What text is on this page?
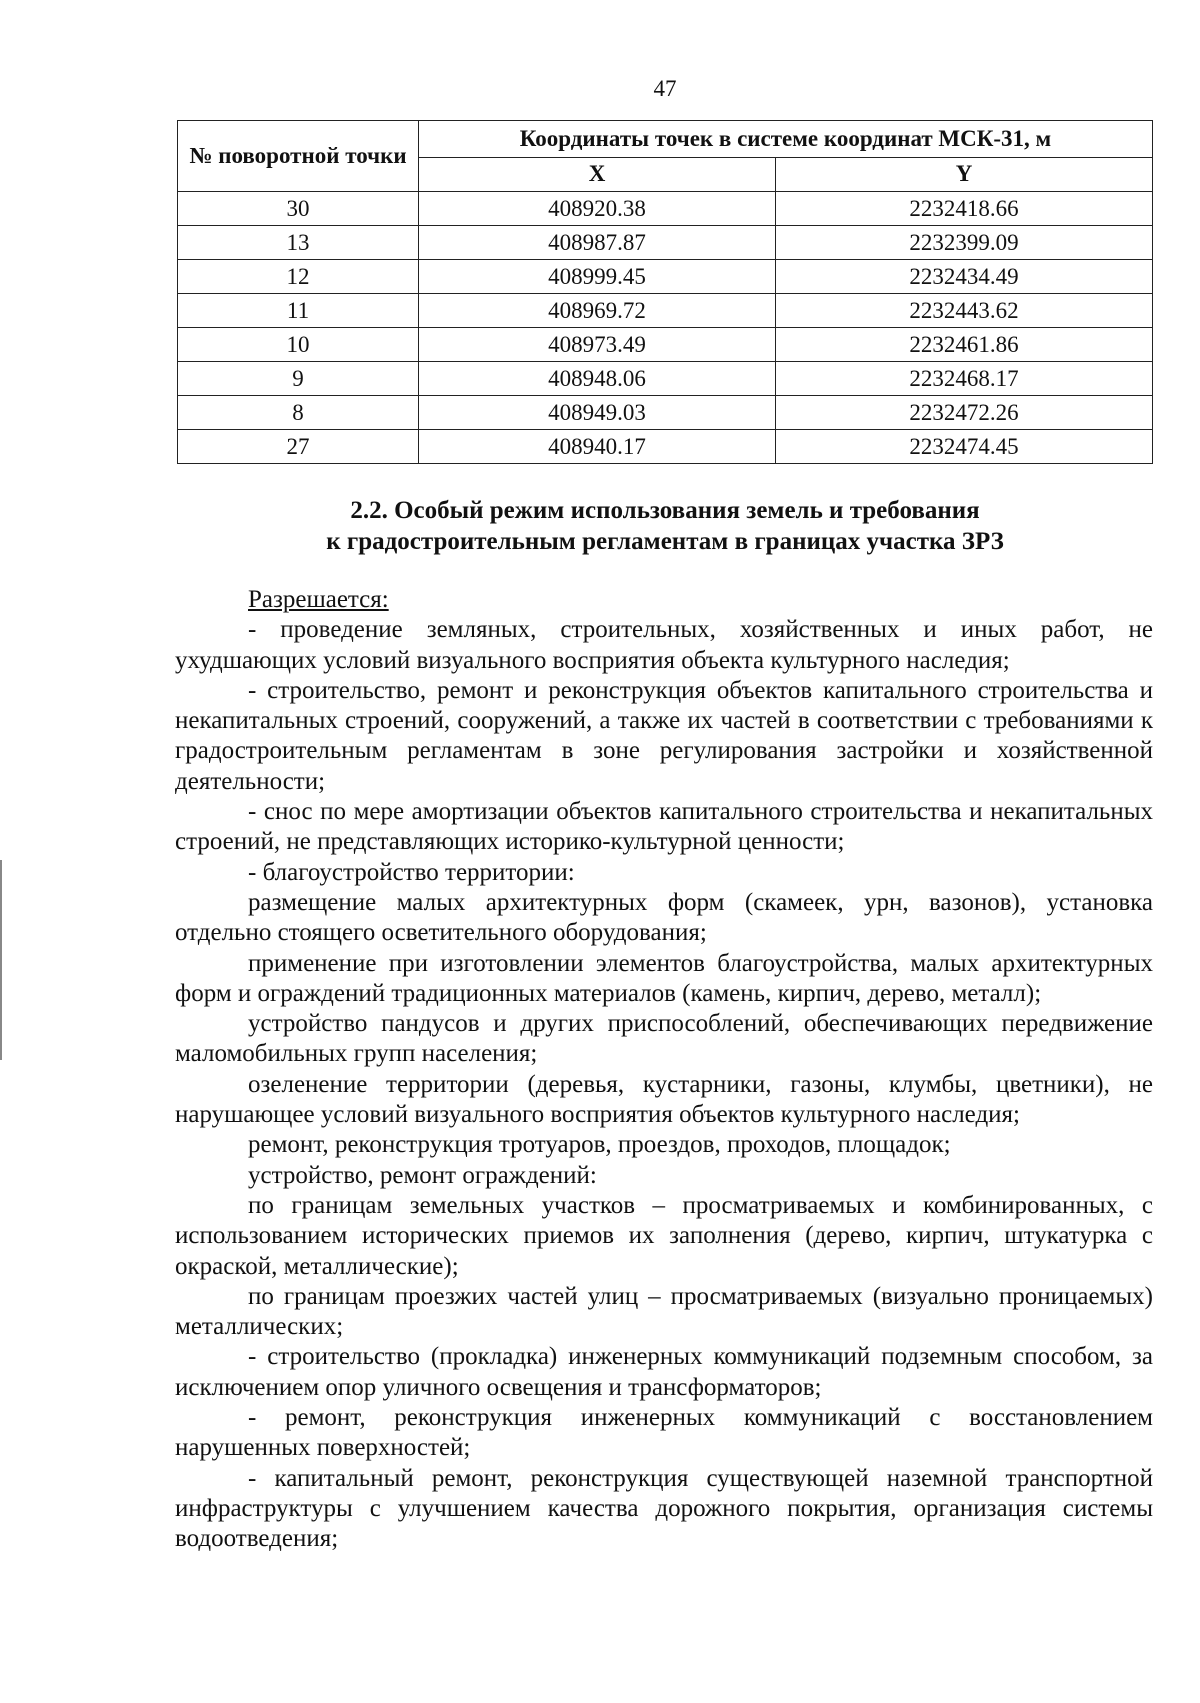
47
№ поворотной точки	Координаты точек в системе координат МСК-31, м	
	X	Y
30	408920.38	2232418.66
13	408987.87	2232399.09
12	408999.45	2232434.49
11	408969.72	2232443.62
10	408973.49	2232461.86
9	408948.06	2232468.17
8	408949.03	2232472.26
27	408940.17	2232474.45
2.2. Особый режим использования земель и требования
к градостроительным регламентам в границах участка ЗРЗ
Разрешается:

- проведение земляных, строительных, хозяйственных и иных работ, не ухудшающих условий визуального восприятия объекта культурного наследия;

- строительство, ремонт и реконструкция объектов капитального строительства и некапитальных строений, сооружений, а также их частей в соответствии с требованиями к градостроительным регламентам в зоне регулирования застройки и хозяйственной деятельности;

- снос по мере амортизации объектов капитального строительства и некапитальных строений, не представляющих историко-культурной ценности;

- благоустройство территории:

размещение малых архитектурных форм (скамеек, урн, вазонов), установка отдельно стоящего осветительного оборудования;

применение при изготовлении элементов благоустройства, малых архитектурных форм и ограждений традиционных материалов (камень, кирпич, дерево, металл);

устройство пандусов и других приспособлений, обеспечивающих передвижение маломобильных групп населения;

озеленение территории (деревья, кустарники, газоны, клумбы, цветники), не нарушающее условий визуального восприятия объектов культурного наследия;

ремонт, реконструкция тротуаров, проездов, проходов, площадок;

устройство, ремонт ограждений:

по границам земельных участков – просматриваемых и комбинированных, с использованием исторических приемов их заполнения (дерево, кирпич, штукатурка с окраской, металлические);

по границам проезжих частей улиц – просматриваемых (визуально проницаемых) металлических;

- строительство (прокладка) инженерных коммуникаций подземным способом, за исключением опор уличного освещения и трансформаторов;

- ремонт, реконструкция инженерных коммуникаций с восстановлением нарушенных поверхностей;

- капитальный ремонт, реконструкция существующей наземной транспортной инфраструктуры с улучшением качества дорожного покрытия, организация системы водоотведения;
